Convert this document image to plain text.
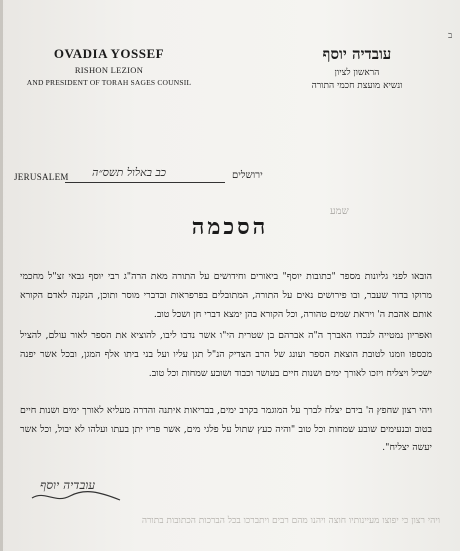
ב
OVADIA YOSSEF
RISHON LEZION
AND PRESIDENT OF TORAH SAGES COUNSIL
עובדיה יוסף
הראשון לציון
ונשיא מועצת חכמי התורה
JERUSALEM כב באלול תשס״ה	ירושלים
שמע
הסכמה

הובאו לפני גליונות מספר "כתובות יוסף" ביאורים וחידושים על התורה מאת הרה"ג רבי יוסף גבאי זצ"ל מחכמי מרוקו בדור שעבר, ובו פירושים נאים על התורה, המתובלים בפרפראות ובדברי מוסר ותוכן, הנקנה לאדם הקורא אותם אהבת ה' ויראת שמים טהורה, וכל הקורא בהן ימצא דברי חן ושכל טוב.

ואפריון נמטייה לנכדו האברך ה"ה אברהם בן שטרית הי"ו אשר נדבו ליבו, להוציא את הספר לאור עולם, להציל מכספו וזמנו לטובת הוצאת הספר ועונג של הרב הצדיק הנ"ל תגן עליו ועל בני ביתו אלף המגן, ובכל אשר יפנה ישכיל ויצליח ויזכו לאורך ימים ושנות חיים בעושר וכבוד ושובע שמחות וכל טוב.

ויהי רצון שחפץ ה' בידם יצלח לברך על המוגמר בקרב ימים, בבריאות איתנה והדרה מעליא לאורך ימים ושנות חיים בטוב ובנעימים שובע שמחות וכל טוב "והיה כעץ שתול על פלגי מים, אשר פריו יתן בעתו ועלהו לא יבול, וכל אשר יעשה יצליח".

עובדיה יוסף
ויהי רצון כי יפוצו מעיינותיו חוצה ויהנו מהם רבים ויתברכו בכל הברכות הכתובות בתורה
